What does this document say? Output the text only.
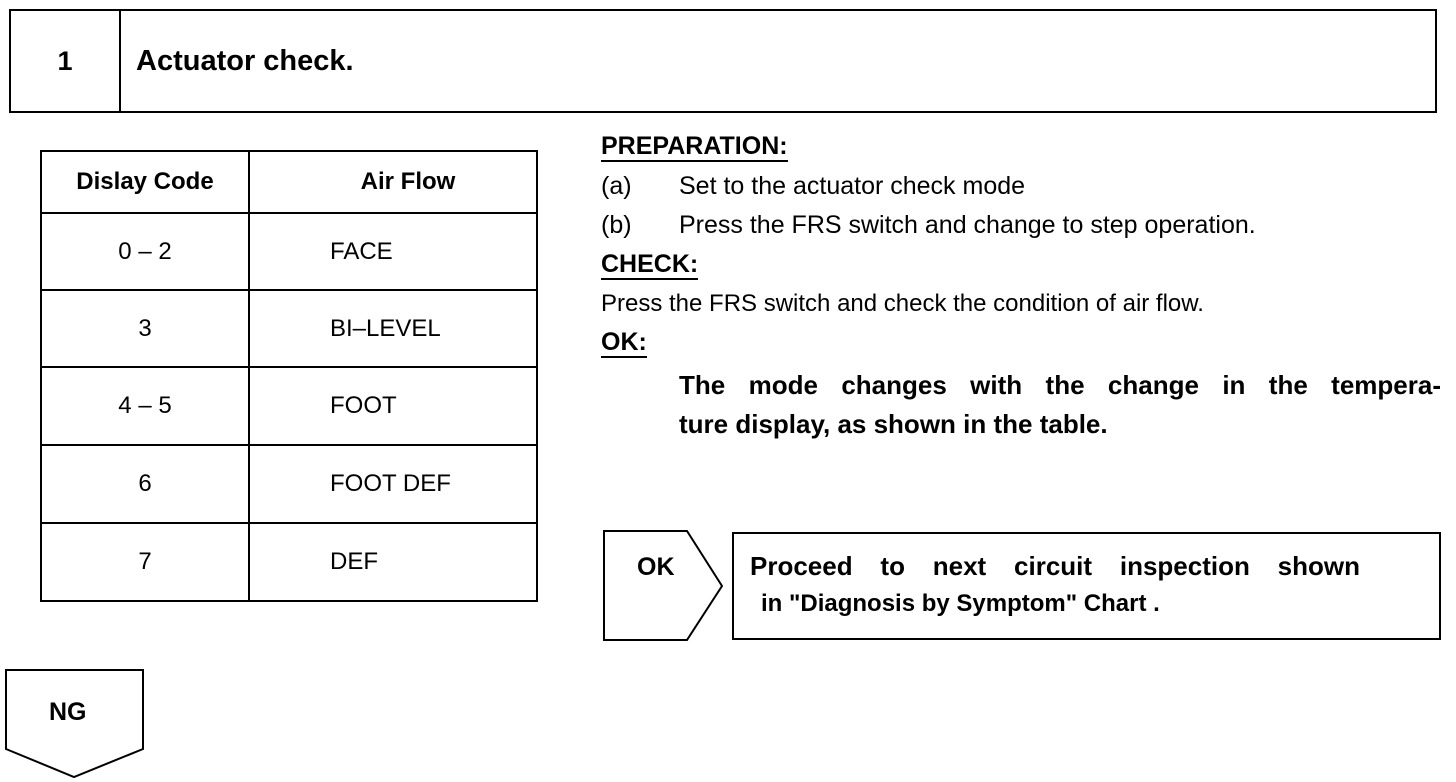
1	Actuator check.
Dislay Code	Air Flow
0 – 2	FACE
3	BI–LEVEL
4 – 5	FOOT
6	FOOT DEF
7	DEF
PREPARATION:
(a) Set to the actuator check mode
(b) Press the FRS switch and change to step operation.
CHECK:
Press the FRS switch and check the condition of air flow.
OK:
The mode changes with the change in the tempera-
ture display, as shown in the table.
OK	Proceed to next circuit inspection shown
in "Diagnosis by Symptom" Chart .
NG
